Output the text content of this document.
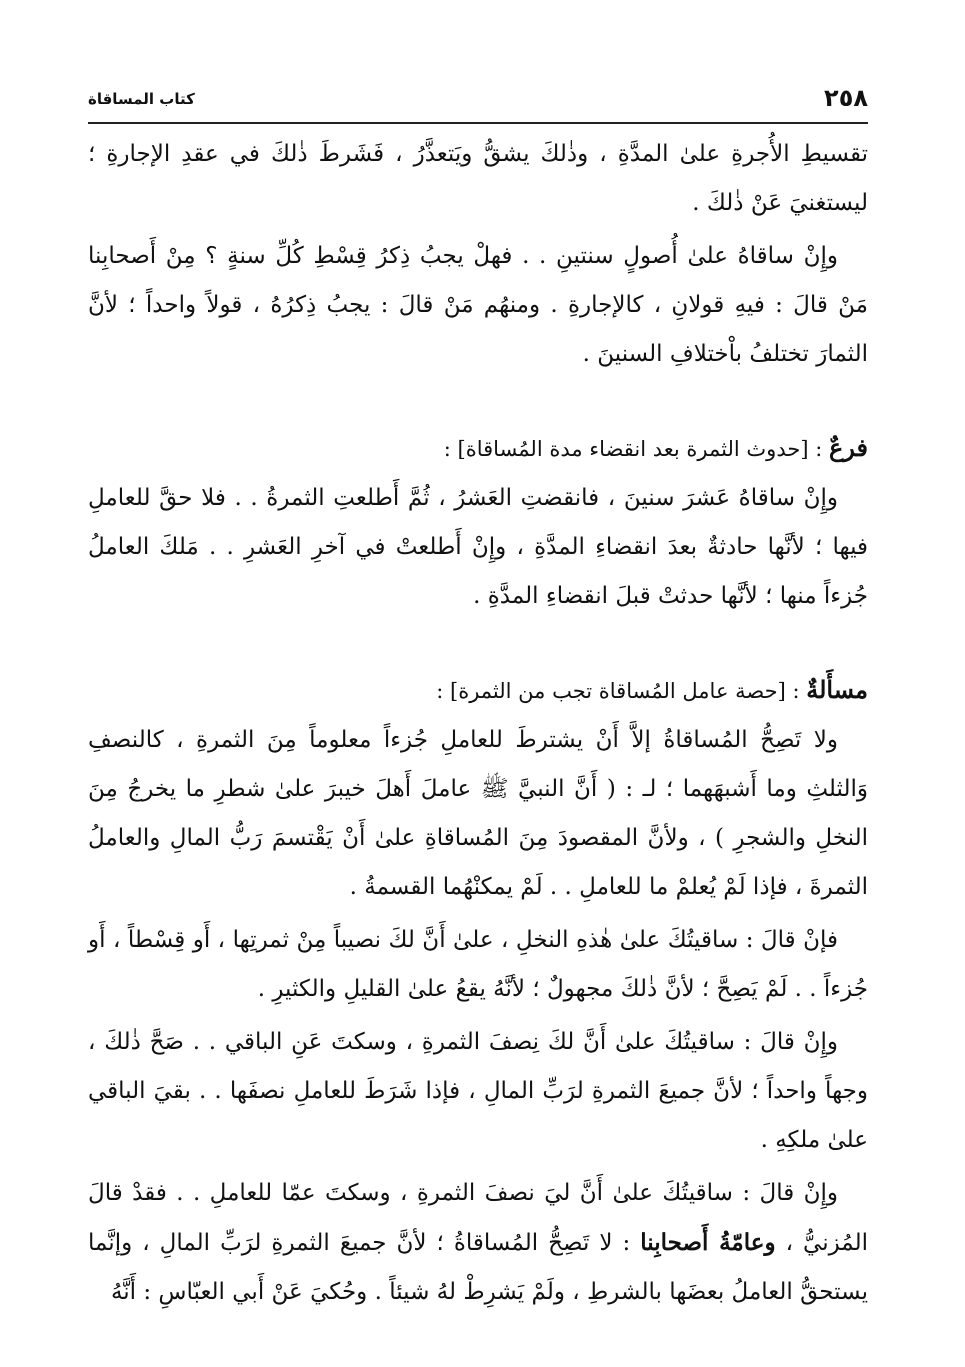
٢٥٨
كتاب المساقاة

تقسيطِ الأُجرةِ علىٰ المدَّةِ ، وذٰلكَ يشقُّ ويَتعذَّرُ ، فَشَرطَ ذٰلكَ في عقدِ الإجارةِ ؛ ليستغنيَ عَنْ ذٰلكَ .

وإِنْ ساقاهُ علىٰ أُصولٍ سنتينِ . . فهلْ يجبُ ذِكرُ قِسْطِ كُلِّ سنةٍ ؟ مِنْ أَصحابِنا مَنْ قالَ : فيهِ قولانِ ، كالإجارةِ . ومنهُم مَنْ قالَ : يجبُ ذِكرُهُ ، قولاً واحداً ؛ لأنَّ الثمارَ تختلفُ باْختلافِ السنينَ .

فرعٌ : [حدوث الثمرة بعد انقضاء مدة المُساقاة] :

وإِنْ ساقاهُ عَشرَ سنينَ ، فانقضتِ العَشرُ ، ثُمَّ أَطلعتِ الثمرةُ . . فلا حقَّ للعاملِ فيها ؛ لأنَّها حادثةٌ بعدَ انقضاءِ المدَّةِ ، وإِنْ أَطلعتْ في آخرِ العَشرِ . . مَلكَ العاملُ جُزءاً منها ؛ لأنَّها حدثتْ قبلَ انقضاءِ المدَّةِ .

مسأَلةٌ : [حصة عامل المُساقاة تجب من الثمرة] :

ولا تَصِحُّ المُساقاةُ إلاَّ أَنْ يشترطَ للعاملِ جُزءاً معلوماً مِنَ الثمرةِ ، كالنصفِ وَالثلثِ وما أَشبهَهما ؛ لـ : ( أَنَّ النبيَّ ﷺ عاملَ أَهلَ خيبرَ علىٰ شطرِ ما يخرجُ مِنَ النخلِ والشجرِ ) ، ولأنَّ المقصودَ مِنَ المُساقاةِ علىٰ أَنْ يَقْتسمَ رَبُّ المالِ والعاملُ الثمرةَ ، فإذا لَمْ يُعلمْ ما للعاملِ . . لَمْ يمكنْهُما القسمةُ .

فإنْ قالَ : ساقيتُكَ علىٰ هٰذهِ النخلِ ، علىٰ أَنَّ لكَ نصيباً مِنْ ثمرتِها ، أَو قِسْطاً ، أَو جُزءاً . . لَمْ يَصِحَّ ؛ لأنَّ ذٰلكَ مجهولٌ ؛ لأنَّهُ يقعُ علىٰ القليلِ والكثيرِ .

وإِنْ قالَ : ساقيتُكَ علىٰ أَنَّ لكَ نِصفَ الثمرةِ ، وسكتَ عَنِ الباقي . . صَحَّ ذٰلكَ ، وجهاً واحداً ؛ لأنَّ جميعَ الثمرةِ لرَبِّ المالِ ، فإذا شَرَطَ للعاملِ نصفَها . . بقيَ الباقي علىٰ ملكِهِ .

وإِنْ قالَ : ساقيتُكَ علىٰ أَنَّ ليَ نصفَ الثمرةِ ، وسكتَ عمّا للعاملِ . . فقدْ قالَ المُزنيُّ ، وعامّةُ أَصحابِنا : لا تَصِحُّ المُساقاةُ ؛ لأنَّ جميعَ الثمرةِ لرَبِّ المالِ ، وإنَّما يستحقُّ العاملُ بعضَها بالشرطِ ، ولَمْ يَشرِطْ لهُ شيئاً . وحُكيَ عَنْ أَبي العبّاسِ : أَنَّهُ
